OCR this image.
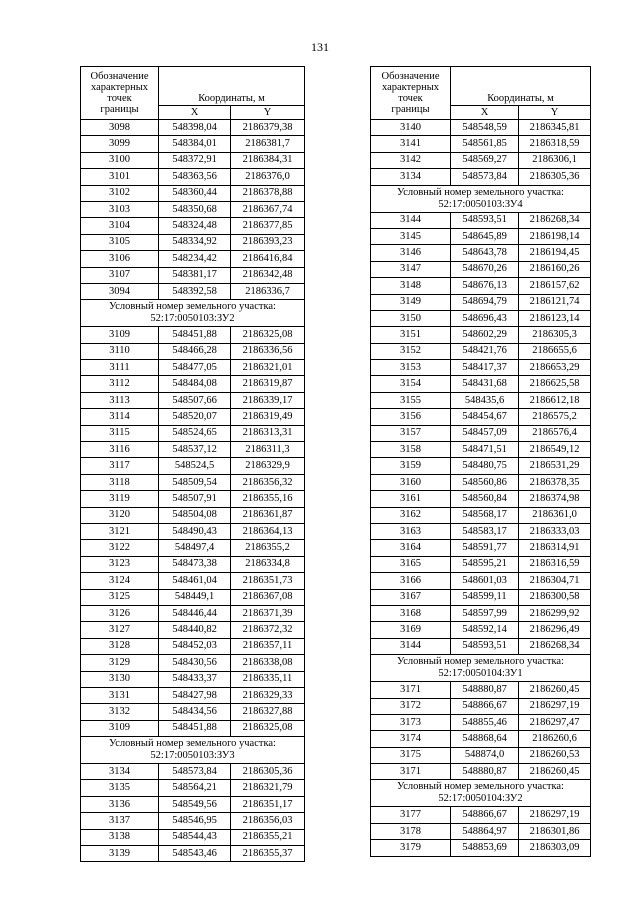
131
Обозначение
характерных
точек
границы	Координаты, м	
	X	Y
3098	548398,04	2186379,38
3099	548384,01	2186381,7
3100	548372,91	2186384,31
3101	548363,56	2186376,0
3102	548360,44	2186378,88
3103	548350,68	2186367,74
3104	548324,48	2186377,85
3105	548334,92	2186393,23
3106	548234,42	2186416,84
3107	548381,17	2186342,48
3094	548392,58	2186336,7

Условный номер земельного участка:
52:17:0050103:ЗУ2		

3109	548451,88	2186325,08
3110	548466,28	2186336,56
3111	548477,05	2186321,01
3112	548484,08	2186319,87
3113	548507,66	2186339,17
3114	548520,07	2186319,49
3115	548524,65	2186313,31
3116	548537,12	2186311,3
3117	548524,5	2186329,9
3118	548509,54	2186356,32
3119	548507,91	2186355,16
3120	548504,08	2186361,87
3121	548490,43	2186364,13
3122	548497,4	2186355,2
3123	548473,38	2186334,8
3124	548461,04	2186351,73
3125	548449,1	2186367,08
3126	548446,44	2186371,39
3127	548440,82	2186372,32
3128	548452,03	2186357,11
3129	548430,56	2186338,08
3130	548433,37	2186335,11
3131	548427,98	2186329,33
3132	548434,56	2186327,88
3109	548451,88	2186325,08

Условный номер земельного участка:
52:17:0050103:ЗУ3		

3134	548573,84	2186305,36
3135	548564,21	2186321,79
3136	548549,56	2186351,17
3137	548546,95	2186356,03
3138	548544,43	2186355,21
3139	548543,46	2186355,37
Обозначение
характерных
точек
границы	Координаты, м	
	X	Y
3140	548548,59	2186345,81
3141	548561,85	2186318,59
3142	548569,27	2186306,1
3134	548573,84	2186305,36

Условный номер земельного участка:
52:17:0050103:ЗУ4		

3144	548593,51	2186268,34
3145	548645,89	2186198,14
3146	548643,78	2186194,45
3147	548670,26	2186160,26
3148	548676,13	2186157,62
3149	548694,79	2186121,74
3150	548696,43	2186123,14
3151	548602,29	2186305,3
3152	548421,76	2186655,6
3153	548417,37	2186653,29
3154	548431,68	2186625,58
3155	548435,6	2186612,18
3156	548454,67	2186575,2
3157	548457,09	2186576,4
3158	548471,51	2186549,12
3159	548480,75	2186531,29
3160	548560,86	2186378,35
3161	548560,84	2186374,98
3162	548568,17	2186361,0
3163	548583,17	2186333,03
3164	548591,77	2186314,91
3165	548595,21	2186316,59
3166	548601,03	2186304,71
3167	548599,11	2186300,58
3168	548597,99	2186299,92
3169	548592,14	2186296,49
3144	548593,51	2186268,34

Условный номер земельного участка:
52:17:0050104:ЗУ1		

3171	548880,87	2186260,45
3172	548866,67	2186297,19
3173	548855,46	2186297,47
3174	548868,64	2186260,6
3175	548874,0	2186260,53
3171	548880,87	2186260,45

Условный номер земельного участка:
52:17:0050104:ЗУ2		

3177	548866,67	2186297,19
3178	548864,97	2186301,86
3179	548853,69	2186303,09
